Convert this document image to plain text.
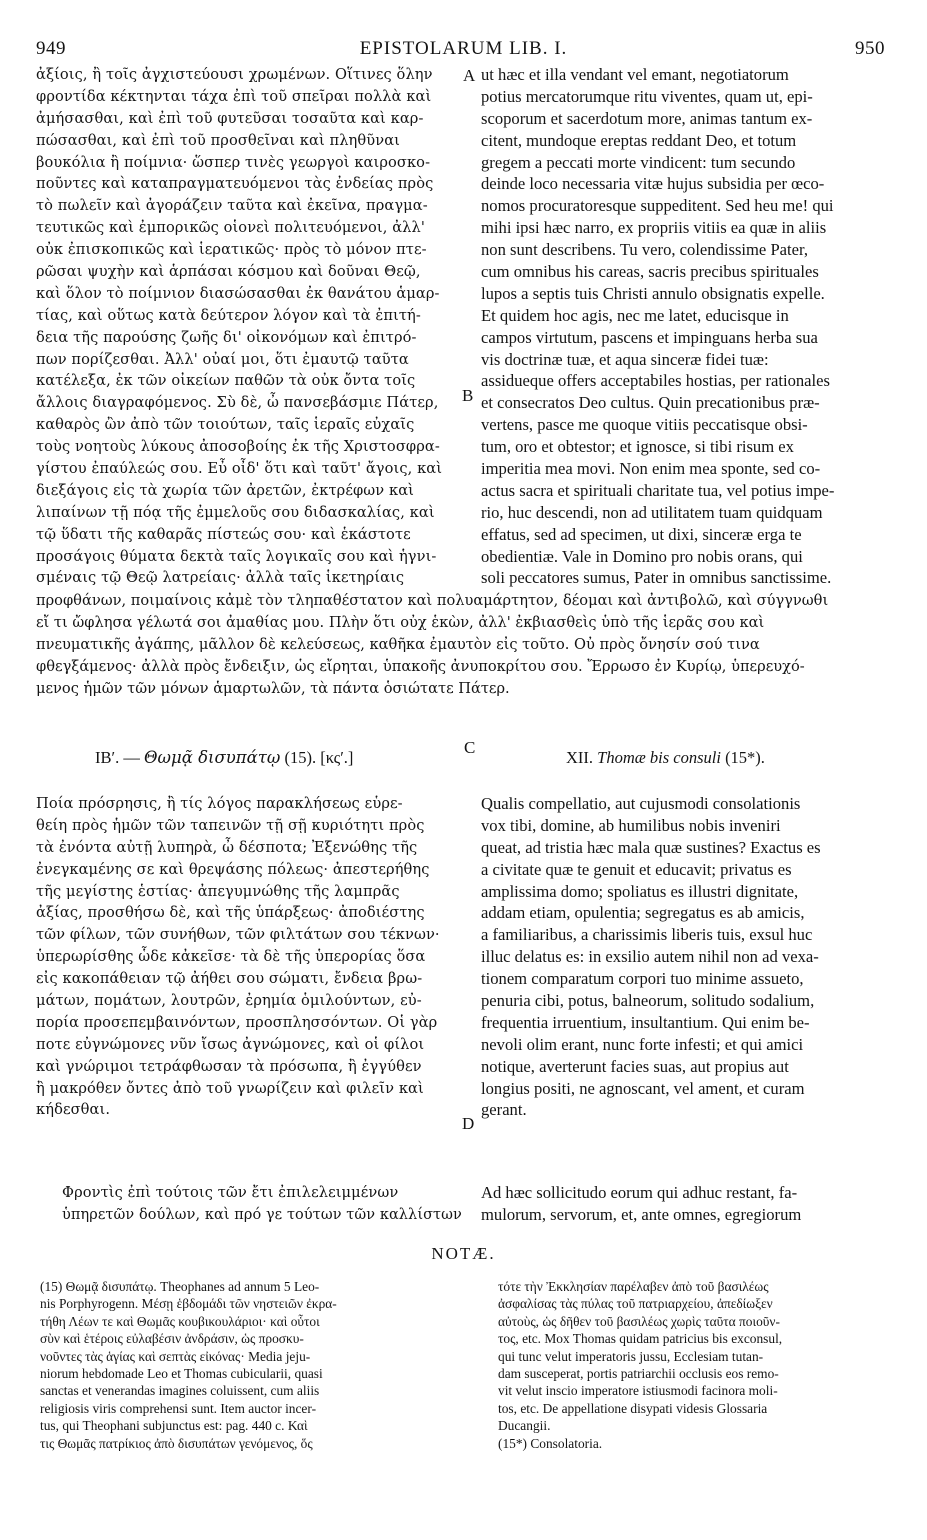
949	EPISTOLARUM LIB. I.	950
ἀξίοις, ἢ τοῖς ἀγχιστεύουσι χρωμένων. Οἵτινες ὅλην
φροντίδα κέκτηνται τάχα ἐπὶ τοῦ σπεῖραι πολλὰ καὶ
ἀμήσασθαι, καὶ ἐπὶ τοῦ φυτεῦσαι τοσαῦτα καὶ καρ-
πώσασθαι, καὶ ἐπὶ τοῦ προσθεῖναι καὶ πληθῦναι
βουκόλια ἢ ποίμνια· ὥσπερ τινὲς γεωργοὶ καιροσκο-
ποῦντες καὶ καταπραγματευόμενοι τὰς ἐνδείας πρὸς
τὸ πωλεῖν καὶ ἀγοράζειν ταῦτα καὶ ἐκεῖνα, πραγμα-
τευτικῶς καὶ ἐμπορικῶς οἱονεὶ πολιτευόμενοι, ἀλλ'
οὐκ ἐπισκοπικῶς καὶ ἱερατικῶς· πρὸς τὸ μόνον πτε-
ρῶσαι ψυχὴν καὶ ἁρπάσαι κόσμου καὶ δοῦναι Θεῷ,
καὶ ὅλον τὸ ποίμνιον διασώσασθαι ἐκ θανάτου ἁμαρ-
τίας, καὶ οὕτως κατὰ δεύτερον λόγον καὶ τὰ ἐπιτή-
δεια τῆς παρούσης ζωῆς δι' οἰκονόμων καὶ ἐπιτρό-
πων πορίζεσθαι. Ἀλλ' οὐαί μοι, ὅτι ἐμαυτῷ ταῦτα
κατέλεξα, ἐκ τῶν οἰκείων παθῶν τὰ οὐκ ὄντα τοῖς
ἄλλοις διαγραφόμενος. Σὺ δὲ, ὦ πανσεβάσμιε Πάτερ,
καθαρὸς ὢν ἀπὸ τῶν τοιούτων, ταῖς ἱεραῖς εὐχαῖς
τοὺς νοητοὺς λύκους ἀποσοβοίης ἐκ τῆς Χριστοσφρα-
γίστου ἐπαύλεώς σου. Εὖ οἶδ' ὅτι καὶ ταῦτ' ἄγοις, καὶ
διεξάγοις εἰς τὰ χωρία τῶν ἀρετῶν, ἐκτρέφων καὶ
λιπαίνων τῇ πόᾳ τῆς ἐμμελοῦς σου διδασκαλίας, καὶ
τῷ ὕδατι τῆς καθαρᾶς πίστεώς σου· καὶ ἑκάστοτε
προσάγοις θύματα δεκτὰ ταῖς λογικαῖς σου καὶ ἡγνι-
σμέναις τῷ Θεῷ λατρείαις· ἀλλὰ ταῖς ἱκετηρίαις
ut hæc et illa vendant vel emant, negotiatorum
potius mercatorumque ritu viventes, quam ut, epi-
scoporum et sacerdotum more, animas tantum ex-
citent, mundoque ereptas reddant Deo, et totum
gregem a peccati morte vindicent: tum secundo
deinde loco necessaria vitæ hujus subsidia per œco-
nomos procuratoresque suppeditent. Sed heu me! qui
mihi ipsi hæc narro, ex propriis vitiis ea quæ in aliis
non sunt describens. Tu vero, colendissime Pater,
cum omnibus his careas, sacris precibus spirituales
lupos a septis tuis Christi annulo obsignatis expelle.
Et quidem hoc agis, nec me latet, educisque in
campos virtutum, pascens et impinguans herba sua
vis doctrinæ tuæ, et aqua sinceræ fidei tuæ:
assidueque offers acceptabiles hostias, per rationales
et consecratos Deo cultus. Quin precationibus præ-
vertens, pasce me quoque vitiis peccatisque obsi-
tum, oro et obtestor; et ignosce, si tibi risum ex
imperitia mea movi. Non enim mea sponte, sed co-
actus sacra et spirituali charitate tua, vel potius impe-
rio, huc descendi, non ad utilitatem tuam quidquam
effatus, sed ad specimen, ut dixi, sinceræ erga te
obedientiæ. Vale in Domino pro nobis orans, qui
soli peccatores sumus, Pater in omnibus sanctissime.
A
B
προφθάνων, ποιμαίνοις κἀμὲ τὸν τληπαθέστατον καὶ πολυαμάρτητον, δέομαι καὶ ἀντιβολῶ, καὶ σύγγνωθι
εἴ τι ὤφλησα γέλωτά σοι ἀμαθίας μου. Πλὴν ὅτι οὐχ ἑκὼν, ἀλλ' ἐκβιασθεὶς ὑπὸ τῆς ἱερᾶς σου καὶ
πνευματικῆς ἀγάπης, μᾶλλον δὲ κελεύσεως, καθῆκα ἐμαυτὸν εἰς τοῦτο. Οὐ πρὸς ὄνησίν σού τινα
φθεγξάμενος· ἀλλὰ πρὸς ἔνδειξιν, ὡς εἴρηται, ὑπακοῆς ἀνυποκρίτου σου. Ἔρρωσο ἐν Κυρίῳ, ὑπερευχό-
μενος ἡμῶν τῶν μόνων ἁμαρτωλῶν, τὰ πάντα ὁσιώτατε Πάτερ.
ΙΒʹ. — Θωμᾷ δισυπάτῳ (15). [κςʹ.]
C
XII. Thomæ bis consuli (15*).
Ποία πρόσρησις, ἢ τίς λόγος παρακλήσεως εὑρε-
θείη πρὸς ἡμῶν τῶν ταπεινῶν τῇ σῇ κυριότητι πρὸς
τὰ ἐνόντα αὐτῇ λυπηρὰ, ὦ δέσποτα; Ἐξενώθης τῆς
ἐνεγκαμένης σε καὶ θρεψάσης πόλεως· ἀπεστερήθης
τῆς μεγίστης ἑστίας· ἀπεγυμνώθης τῆς λαμπρᾶς
ἀξίας, προσθήσω δὲ, καὶ τῆς ὑπάρξεως· ἀποδιέστης
τῶν φίλων, τῶν συνήθων, τῶν φιλτάτων σου τέκνων·
ὑπερωρίσθης ὧδε κἀκεῖσε· τὰ δὲ τῆς ὑπερορίας ὅσα
εἰς κακοπάθειαν τῷ ἀήθει σου σώματι, ἔνδεια βρω-
μάτων, πομάτων, λουτρῶν, ἐρημία ὁμιλούντων, εὐ-
πορία προσεπεμβαινόντων, προσπλησσόντων. Οἱ γὰρ
ποτε εὐγνώμονες νῦν ἴσως ἀγνώμονες, καὶ οἱ φίλοι
καὶ γνώριμοι τετράφθωσαν τὰ πρόσωπα, ἢ ἐγγύθεν
ἢ μακρόθεν ὄντες ἀπὸ τοῦ γνωρίζειν καὶ φιλεῖν καὶ
κήδεσθαι.
Φροντὶς ἐπὶ τούτοις τῶν ἔτι ἐπιλελειμμένων
ὑπηρετῶν δούλων, καὶ πρό γε τούτων τῶν καλλίστων
Qualis compellatio, aut cujusmodi consolationis
vox tibi, domine, ab humilibus nobis inveniri
queat, ad tristia hæc mala quæ sustines? Exactus es
a civitate quæ te genuit et educavit; privatus es
amplissima domo; spoliatus es illustri dignitate,
addam etiam, opulentia; segregatus es ab amicis,
a familiaribus, a charissimis liberis tuis, exsul huc
illuc delatus es: in exsilio autem nihil non ad vexa-
tionem comparatum corpori tuo minime assueto,
penuria cibi, potus, balneorum, solitudo sodalium,
frequentia irruentium, insultantium. Qui enim be-
nevoli olim erant, nunc forte infesti; et qui amici
notique, averterunt facies suas, aut propius aut
longius positi, ne agnoscant, vel ament, et curam
gerant.
Ad hæc sollicitudo eorum qui adhuc restant, fa-
mulorum, servorum, et, ante omnes, egregiorum
D
NOTÆ.
(15) Θωμᾷ δισυπάτῳ. Theophanes ad annum 5 Leo-
nis Porphyrogenn. Μέσῃ ἑβδομάδι τῶν νηστειῶν ἐκρα-
τήθη Λέων τε καὶ Θωμᾶς κουβικουλάριοι· καὶ οὗτοι
σὺν καὶ ἑτέροις εὐλαβέσιν ἀνδράσιν, ὡς προσκυ-
νοῦντες τὰς ἁγίας καὶ σεπτὰς εἰκόνας· Media jeju-
niorum hebdomade Leo et Thomas cubicularii, quasi
sanctas et venerandas imagines coluissent, cum aliis
religiosis viris comprehensi sunt. Item auctor incer-
tus, qui Theophani subjunctus est: pag. 440 c. Καὶ
τις Θωμᾶς πατρίκιος ἀπὸ δισυπάτων γενόμενος, ὅς
τότε τὴν Ἐκκλησίαν παρέλαβεν ἀπὸ τοῦ βασιλέως
ἀσφαλίσας τὰς πύλας τοῦ πατριαρχείου, ἀπεδίωξεν
αὐτοὺς, ὡς δῆθεν τοῦ βασιλέως χωρὶς ταῦτα ποιοῦν-
τος, etc. Mox Thomas quidam patricius bis exconsul,
qui tunc velut imperatoris jussu, Ecclesiam tutan-
dam susceperat, portis patriarchii occlusis eos remo-
vit velut inscio imperatore istiusmodi facinora moli-
tos, etc. De appellatione disypati videsis Glossaria
Ducangii.
(15*) Consolatoria.
